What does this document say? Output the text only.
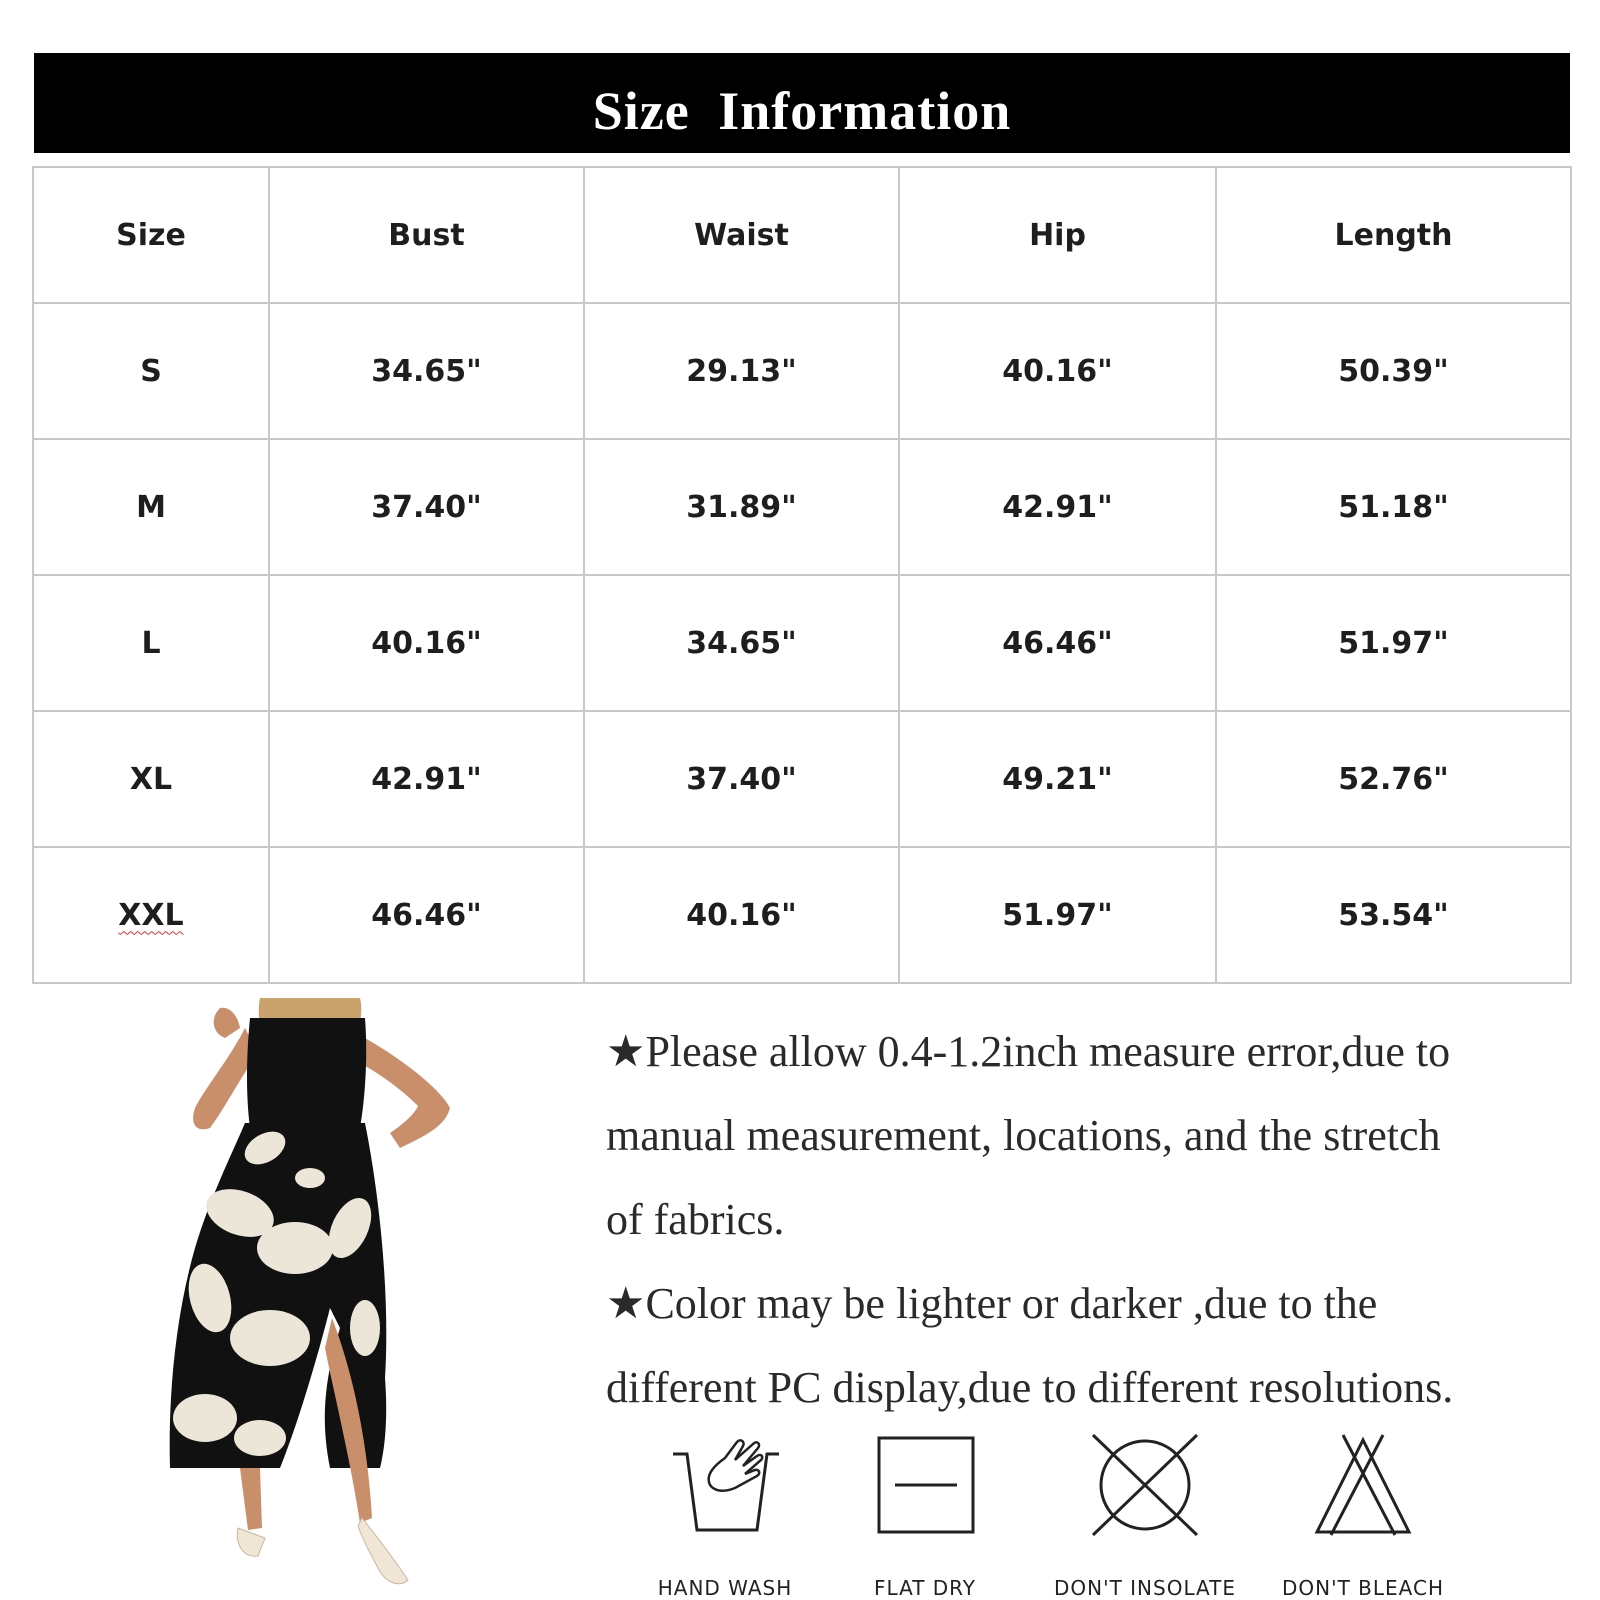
Size Information
Size	Bust	Waist	Hip	Length
S	34.65"	29.13"	40.16"	50.39"
M	37.40"	31.89"	42.91"	51.18"
L	40.16"	34.65"	46.46"	51.97"
XL	42.91"	37.40"	49.21"	52.76"
XXL	46.46"	40.16"	51.97"	53.54"

★Please allow 0.4-1.2inch measure error,due to

manual measurement, locations, and the stretch

of fabrics.

★Color may be lighter or darker ,due to the

different PC display,due to different resolutions.

HAND WASH	FLAT DRY	DON'T INSOLATE	DON'T BLEACH
